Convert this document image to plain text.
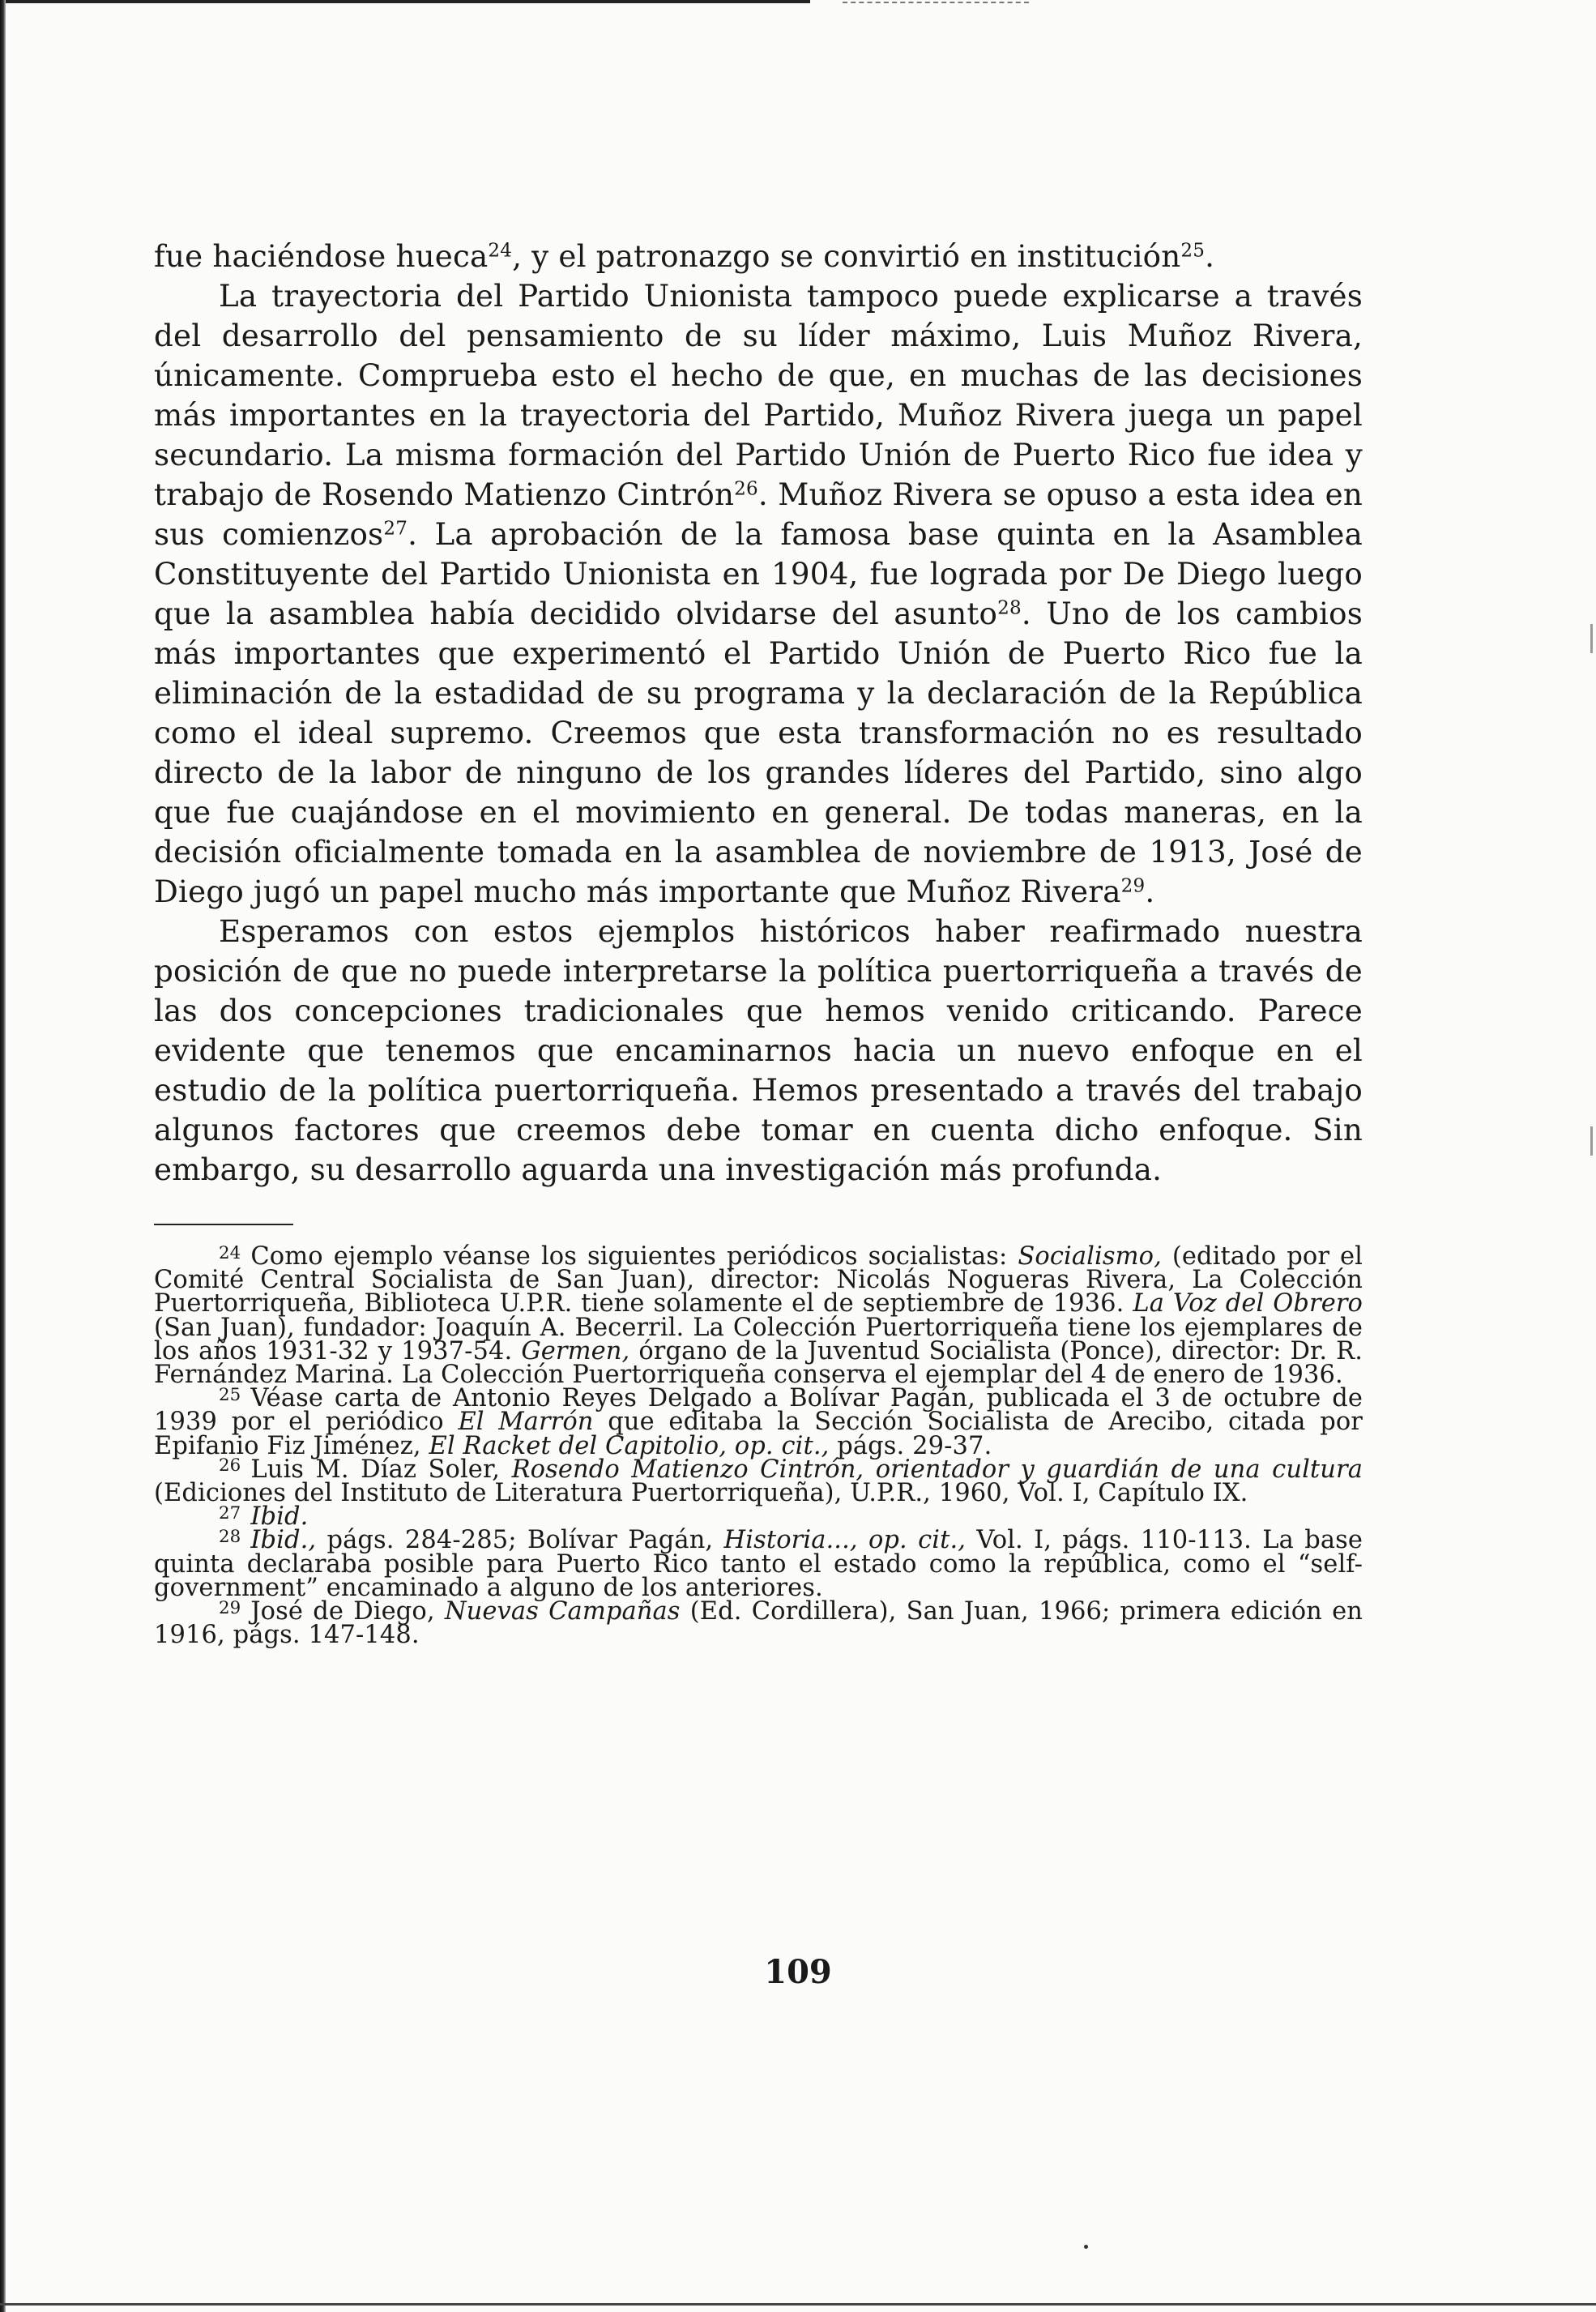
fue haciéndose hueca$^{24}$, y el patronazgo se convirtió en institución$^{25}$.

La trayectoria del Partido Unionista tampoco puede explicarse a través del desarrollo del pensamiento de su líder máximo, Luis Muñoz Rivera, únicamente. Comprueba esto el hecho de que, en muchas de las decisiones más importantes en la trayectoria del Partido, Muñoz Rivera juega un papel secundario. La misma formación del Partido Unión de Puerto Rico fue idea y trabajo de Rosendo Matienzo Cintrón$^{26}$. Muñoz Rivera se opuso a esta idea en sus comienzos$^{27}$. La aprobación de la famosa base quinta en la Asamblea Constituyente del Partido Unionista en 1904, fue lograda por De Diego luego que la asamblea había decidido olvidarse del asunto$^{28}$. Uno de los cambios más importantes que experimentó el Partido Unión de Puerto Rico fue la eliminación de la estadidad de su programa y la declaración de la República como el ideal supremo. Creemos que esta transformación no es resultado directo de la labor de ninguno de los grandes líderes del Partido, sino algo que fue cuajándose en el movimiento en general. De todas maneras, en la decisión oficialmente tomada en la asamblea de noviembre de 1913, José de Diego jugó un papel mucho más importante que Muñoz Rivera$^{29}$.

Esperamos con estos ejemplos históricos haber reafirmado nuestra posición de que no puede interpretarse la política puertorriqueña a través de las dos concepciones tradicionales que hemos venido criticando. Parece evidente que tenemos que encaminarnos hacia un nuevo enfoque en el estudio de la política puertorriqueña. Hemos presentado a través del trabajo algunos factores que creemos debe tomar en cuenta dicho enfoque. Sin embargo, su desarrollo aguarda una investigación más profunda.

$^{24}$ Como ejemplo véanse los siguientes periódicos socialistas: Socialismo, (editado por el Comité Central Socialista de San Juan), director: Nicolás Nogueras Rivera, La Colección Puertorriqueña, Biblioteca U.P.R. tiene solamente el de septiembre de 1936. La Voz del Obrero (San Juan), fundador: Joaquín A. Becerril. La Colección Puertorriqueña tiene los ejemplares de los años 1931-32 y 1937-54. Germen, órgano de la Juventud Socialista (Ponce), director: Dr. R. Fernández Marina. La Colección Puertorriqueña conserva el ejemplar del 4 de enero de 1936.

$^{25}$ Véase carta de Antonio Reyes Delgado a Bolívar Pagán, publicada el 3 de octubre de 1939 por el periódico El Marrón que editaba la Sección Socialista de Arecibo, citada por Epifanio Fiz Jiménez, El Racket del Capitolio, op. cit., págs. 29-37.

$^{26}$ Luis M. Díaz Soler, Rosendo Matienzo Cintrón, orientador y guardián de una cultura (Ediciones del Instituto de Literatura Puertorriqueña), U.P.R., 1960, Vol. I, Capítulo IX.

$^{27}$ Ibid.

$^{28}$ Ibid., págs. 284-285; Bolívar Pagán, Historia..., op. cit., Vol. I, págs. 110-113. La base quinta declaraba posible para Puerto Rico tanto el estado como la república, como el “self-government” encaminado a alguno de los anteriores.

$^{29}$ José de Diego, Nuevas Campañas (Ed. Cordillera), San Juan, 1966; primera edición en 1916, págs. 147-148.

109
